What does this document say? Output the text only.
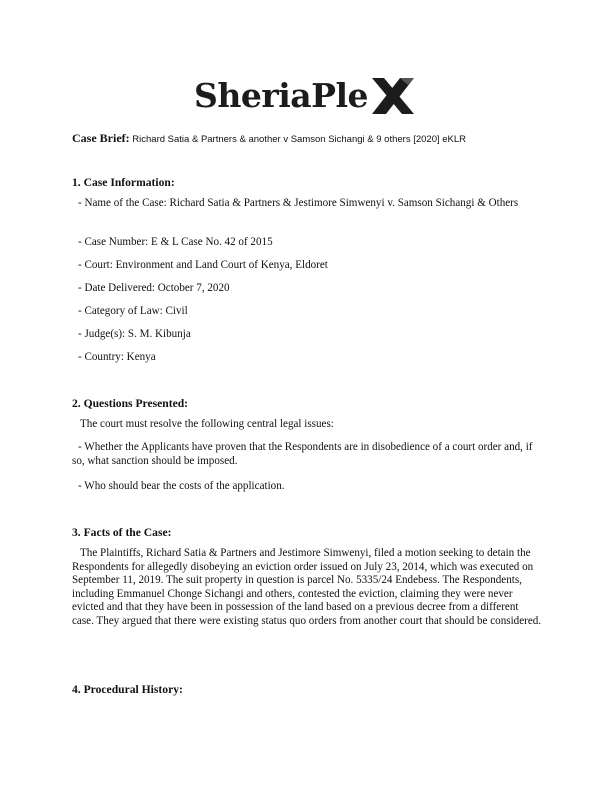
SheriaPle
Case Brief: Richard Satia & Partners & another v Samson Sichangi & 9 others [2020] eKLR
1. Case Information:
- Name of the Case: Richard Satia & Partners & Jestimore Simwenyi v. Samson Sichangi & Others
- Case Number: E & L Case No. 42 of 2015
- Court: Environment and Land Court of Kenya, Eldoret
- Date Delivered: October 7, 2020
- Category of Law: Civil
- Judge(s): S. M. Kibunja
- Country: Kenya
2. Questions Presented:
The court must resolve the following central legal issues:
- Whether the Applicants have proven that the Respondents are in disobedience of a court order and, if so, what sanction should be imposed.
- Who should bear the costs of the application.
3. Facts of the Case:
The Plaintiffs, Richard Satia & Partners and Jestimore Simwenyi, filed a motion seeking to detain the Respondents for allegedly disobeying an eviction order issued on July 23, 2014, which was executed on September 11, 2019. The suit property in question is parcel No. 5335/24 Endebess. The Respondents, including Emmanuel Chonge Sichangi and others, contested the eviction, claiming they were never evicted and that they have been in possession of the land based on a previous decree from a different case. They argued that there were existing status quo orders from another court that should be considered.
4. Procedural History:
